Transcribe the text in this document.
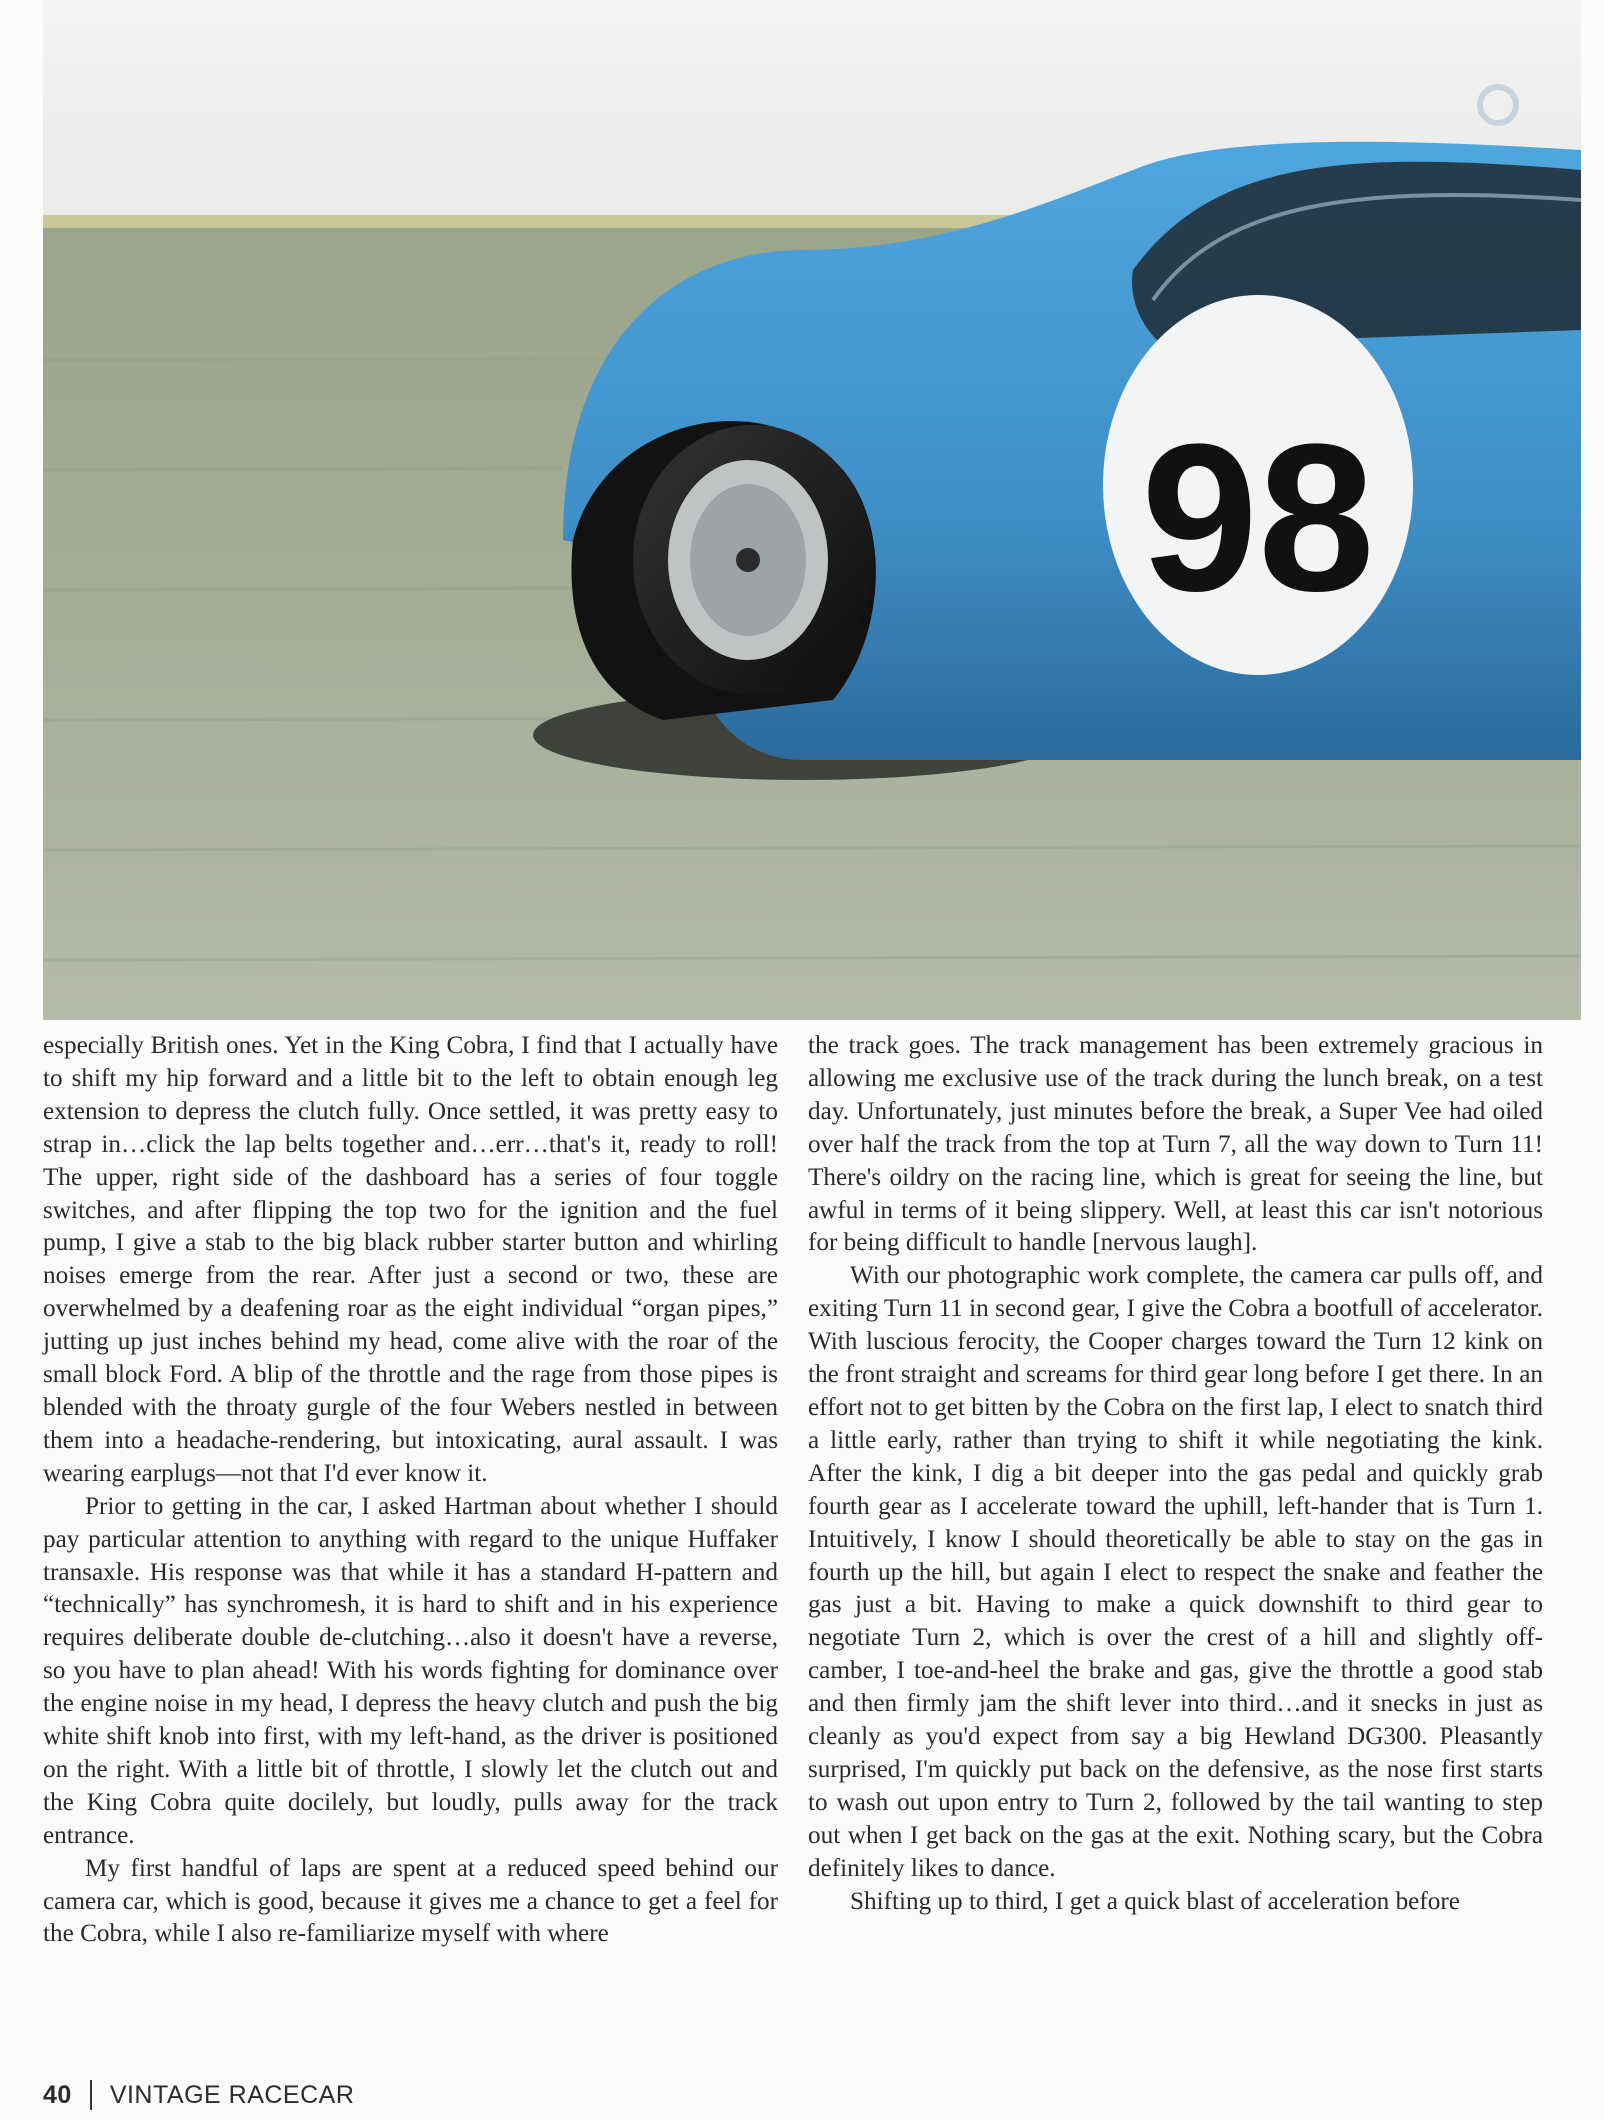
98

especially British ones. Yet in the King Cobra, I find that I actually have to shift my hip forward and a little bit to the left to obtain enough leg extension to depress the clutch fully. Once settled, it was pretty easy to strap in…click the lap belts together and…err…that's it, ready to roll! The upper, right side of the dashboard has a series of four toggle switches, and after flipping the top two for the ignition and the fuel pump, I give a stab to the big black rubber starter button and whirling noises emerge from the rear. After just a second or two, these are overwhelmed by a deafening roar as the eight individual “organ pipes,” jutting up just inches behind my head, come alive with the roar of the small block Ford. A blip of the throttle and the rage from those pipes is blended with the throaty gurgle of the four Webers nestled in between them into a headache-rendering, but intoxicating, aural assault. I was wearing earplugs—not that I'd ever know it.

Prior to getting in the car, I asked Hartman about whether I should pay particular attention to anything with regard to the unique Huffaker transaxle. His response was that while it has a standard H-pattern and “technically” has synchromesh, it is hard to shift and in his experience requires deliberate double de-clutching…also it doesn't have a reverse, so you have to plan ahead! With his words fighting for dominance over the engine noise in my head, I depress the heavy clutch and push the big white shift knob into first, with my left-hand, as the driver is positioned on the right. With a little bit of throttle, I slowly let the clutch out and the King Cobra quite docilely, but loudly, pulls away for the track entrance.

My first handful of laps are spent at a reduced speed behind our camera car, which is good, because it gives me a chance to get a feel for the Cobra, while I also re-familiarize myself with where

the track goes. The track management has been extremely gracious in allowing me exclusive use of the track during the lunch break, on a test day. Unfortunately, just minutes before the break, a Super Vee had oiled over half the track from the top at Turn 7, all the way down to Turn 11! There's oildry on the racing line, which is great for seeing the line, but awful in terms of it being slippery. Well, at least this car isn't notorious for being difficult to handle [nervous laugh].

With our photographic work complete, the camera car pulls off, and exiting Turn 11 in second gear, I give the Cobra a bootfull of accelerator. With luscious ferocity, the Cooper charges toward the Turn 12 kink on the front straight and screams for third gear long before I get there. In an effort not to get bitten by the Cobra on the first lap, I elect to snatch third a little early, rather than trying to shift it while negotiating the kink. After the kink, I dig a bit deeper into the gas pedal and quickly grab fourth gear as I accelerate toward the uphill, left-hander that is Turn 1. Intuitively, I know I should theoretically be able to stay on the gas in fourth up the hill, but again I elect to respect the snake and feather the gas just a bit. Having to make a quick downshift to third gear to negotiate Turn 2, which is over the crest of a hill and slightly off-camber, I toe-and-heel the brake and gas, give the throttle a good stab and then firmly jam the shift lever into third…and it snecks in just as cleanly as you'd expect from say a big Hewland DG300. Pleasantly surprised, I'm quickly put back on the defensive, as the nose first starts to wash out upon entry to Turn 2, followed by the tail wanting to step out when I get back on the gas at the exit. Nothing scary, but the Cobra definitely likes to dance.

Shifting up to third, I get a quick blast of acceleration before

40 VINTAGE RACECAR
